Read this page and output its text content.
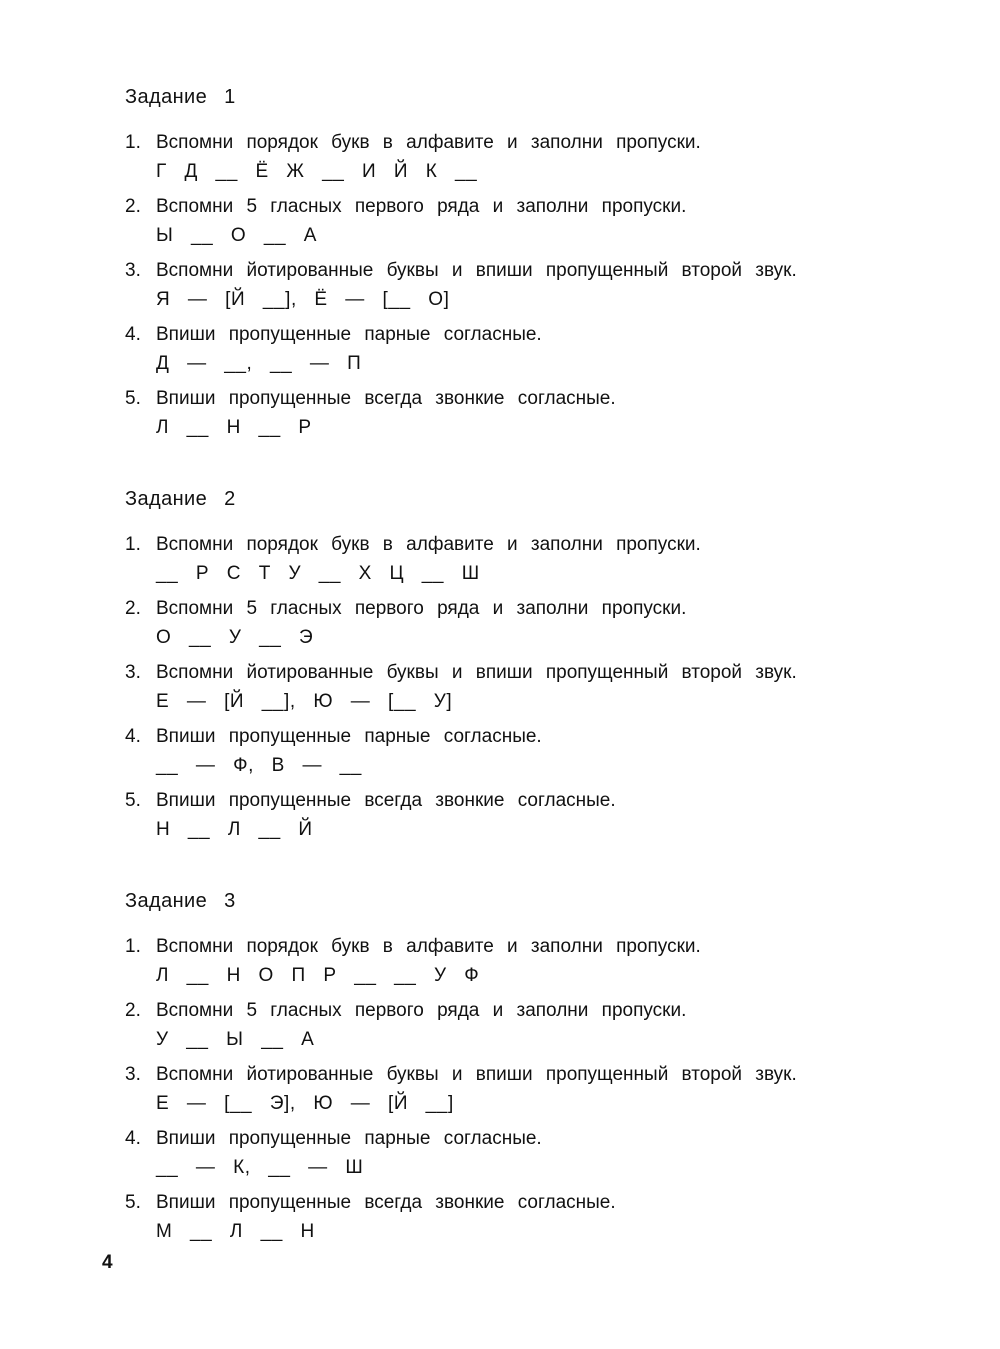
Задание 1
1. Вспомни порядок букв в алфавите и заполни пропуски.
Г Д __ Ё Ж __ И Й К __
2. Вспомни 5 гласных первого ряда и заполни пропуски.
Ы __ О __ А
3. Вспомни йотированные буквы и впиши пропущенный второй звук.
Я — [Й __], Ё — [__ О]
4. Впиши пропущенные парные согласные.
Д — __, __ — П
5. Впиши пропущенные всегда звонкие согласные.
Л __ Н __ Р
Задание 2
1. Вспомни порядок букв в алфавите и заполни пропуски.
__ Р С Т У __ Х Ц __ Ш
2. Вспомни 5 гласных первого ряда и заполни пропуски.
О __ У __ Э
3. Вспомни йотированные буквы и впиши пропущенный второй звук.
Е — [Й __], Ю — [__ У]
4. Впиши пропущенные парные согласные.
__ — Ф, В — __
5. Впиши пропущенные всегда звонкие согласные.
Н __ Л __ Й
Задание 3
1. Вспомни порядок букв в алфавите и заполни пропуски.
Л __ Н О П Р __ __ У Ф
2. Вспомни 5 гласных первого ряда и заполни пропуски.
У __ Ы __ А
3. Вспомни йотированные буквы и впиши пропущенный второй звук.
Е — [__ Э], Ю — [Й __]
4. Впиши пропущенные парные согласные.
__ — К, __ — Ш
5. Впиши пропущенные всегда звонкие согласные.
М __ Л __ Н
4
